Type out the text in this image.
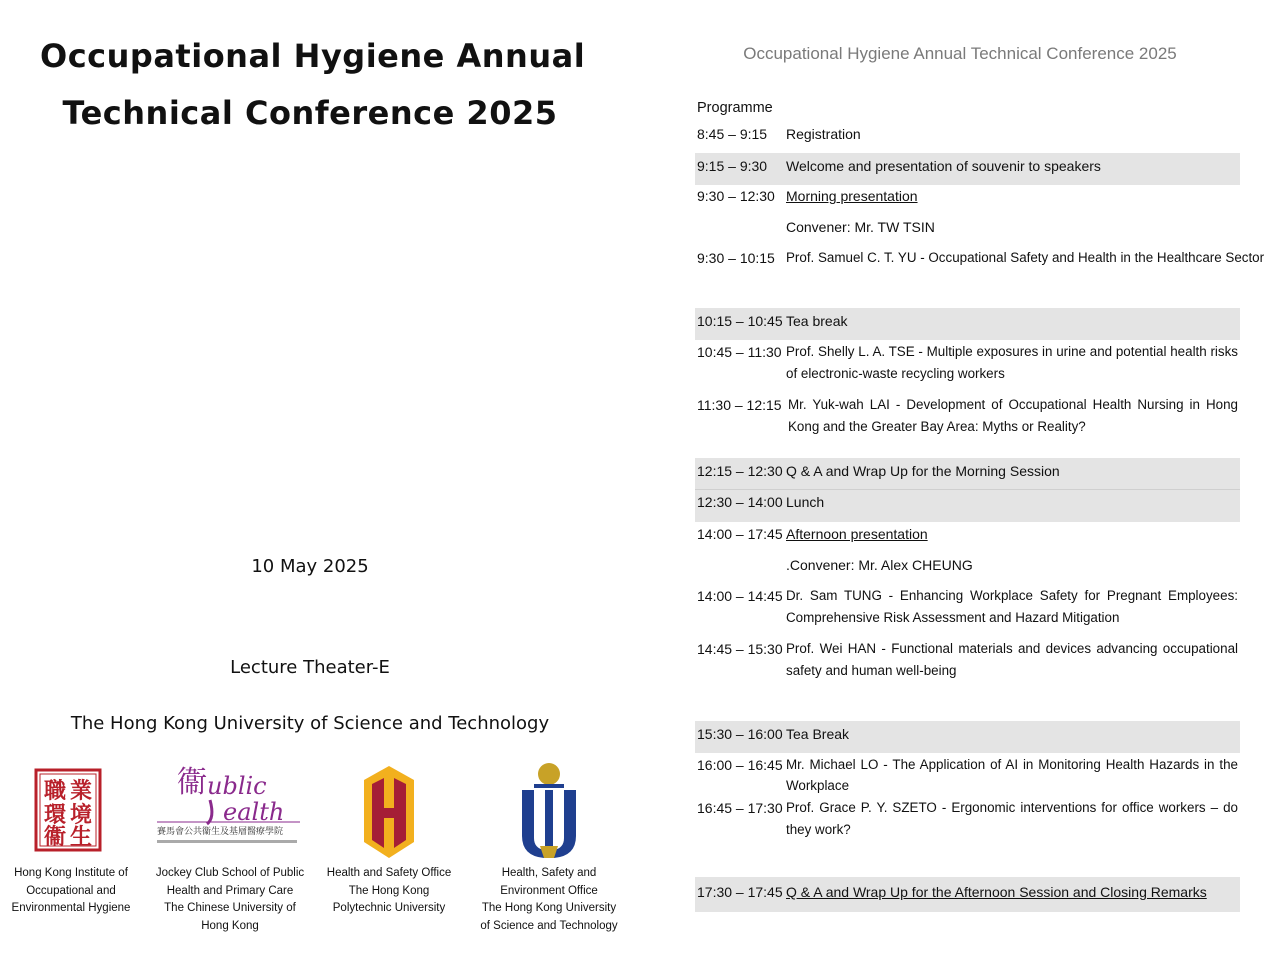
Occupational Hygiene Annual
Technical Conference 2025
10 May 2025
Lecture Theater-E
The Hong Kong University of Science and Technology
職 業
環 境
衞 生
Hong Kong Institute of
Occupational and
Environmental Hygiene
衞 ublic
ealth
賽馬會公共衞生及基層醫療學院
Jockey Club School of Public
Health and Primary Care
The Chinese University of
Hong Kong
Health and Safety Office
The Hong Kong
Polytechnic University
Health, Safety and
Environment Office
The Hong Kong University
of Science and Technology
Occupational Hygiene Annual Technical Conference 2025
Programme
8:45 – 9:15 Registration
9:15 – 9:30 Welcome and presentation of souvenir to speakers
9:30 – 12:30 Morning presentation
Convener: Mr. TW TSIN
9:30 – 10:15 Prof. Samuel C. T. YU - Occupational Safety and Health in the Healthcare Sector
10:15 – 10:45 Tea break
10:45 – 11:30 Prof. Shelly L. A. TSE - Multiple exposures in urine and potential health risks of electronic-waste recycling workers
11:30 – 12:15 Mr. Yuk-wah LAI - Development of Occupational Health Nursing in Hong Kong and the Greater Bay Area: Myths or Reality?
12:15 – 12:30 Q & A and Wrap Up for the Morning Session
12:30 – 14:00 Lunch
14:00 – 17:45 Afternoon presentation
.Convener: Mr. Alex CHEUNG
14:00 – 14:45 Dr. Sam TUNG - Enhancing Workplace Safety for Pregnant Employees: Comprehensive Risk Assessment and Hazard Mitigation
14:45 – 15:30 Prof. Wei HAN - Functional materials and devices advancing occupational safety and human well-being
15:30 – 16:00 Tea Break
16:00 – 16:45 Mr. Michael LO - The Application of AI in Monitoring Health Hazards in the Workplace
16:45 – 17:30 Prof. Grace P. Y. SZETO - Ergonomic interventions for office workers – do they work?
17:30 – 17:45 Q & A and Wrap Up for the Afternoon Session and Closing Remarks
